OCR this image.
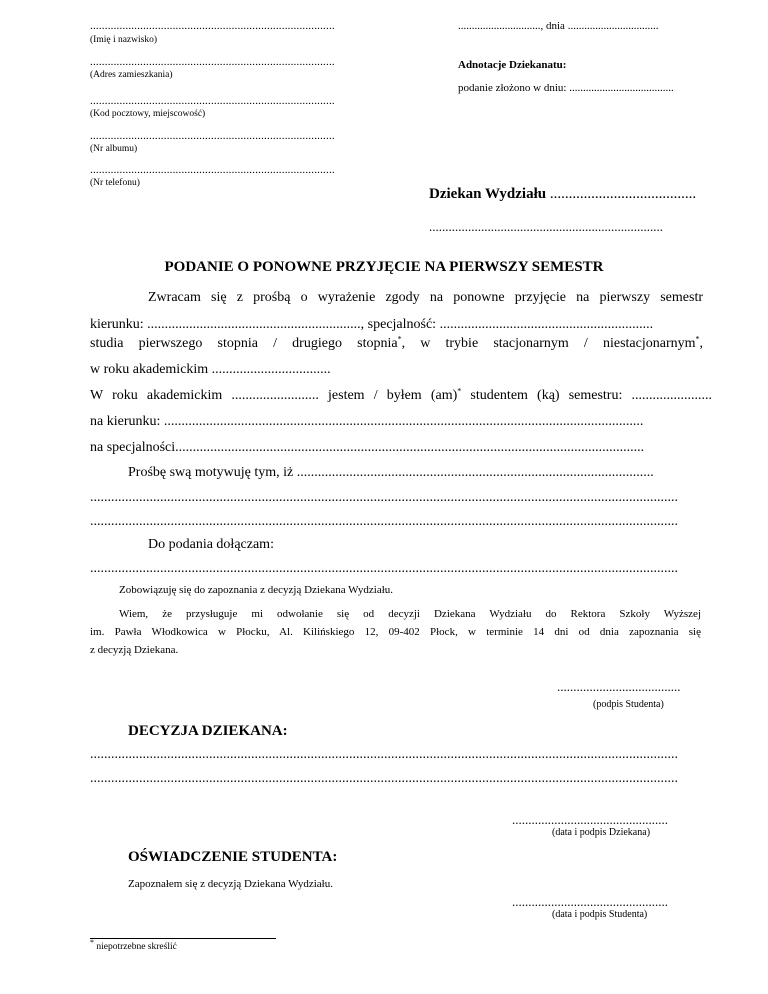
...................................................................................
(Imię i nazwisko)
...................................................................................
(Adres zamieszkania)
...................................................................................
(Kod pocztowy, miejscowość)
...................................................................................
(Nr albumu)
...................................................................................
(Nr telefonu)
.............................., dnia .................................
Adnotacje Dziekanatu:
podanie złożono w dniu: ......................................
Dziekan Wydziału .......................................
........................................................................
PODANIE O PONOWNE PRZYJĘCIE NA PIERWSZY SEMESTR
Zwracam się z prośbą o wyrażenie zgody na ponowne przyjęcie na pierwszy semestr
kierunku: ............................................................., specjalność: .............................................................
studia pierwszego stopnia / drugiego stopnia*, w trybie stacjonarnym / niestacjonarnym*,
w roku akademickim ..................................
W roku akademickim ......................... jestem / byłem (am)* studentem (ką) semestru: .......................
na kierunku: .........................................................................................................................................
na specjalności......................................................................................................................................
Prośbę swą motywuję tym, iż ......................................................................................................
........................................................................................................................................................................
........................................................................................................................................................................
Do podania dołączam:
........................................................................................................................................................................
Zobowiązuję się do zapoznania z decyzją Dziekana Wydziału.
Wiem, że przysługuje mi odwołanie się od decyzji Dziekana Wydziału do Rektora Szkoły Wyższej
im. Pawła Włodkowica w Płocku, Al. Kilińskiego 12, 09-402 Płock, w terminie 14 dni od dnia zapoznania się
z decyzją Dziekana.
......................................
(podpis Studenta)
DECYZJA DZIEKANA:
........................................................................................................................................................................
........................................................................................................................................................................
................................................
(data i podpis Dziekana)
OŚWIADCZENIE STUDENTA:
Zapoznałem się z decyzją Dziekana Wydziału.
................................................
(data i podpis Studenta)
* niepotrzebne skreślić
